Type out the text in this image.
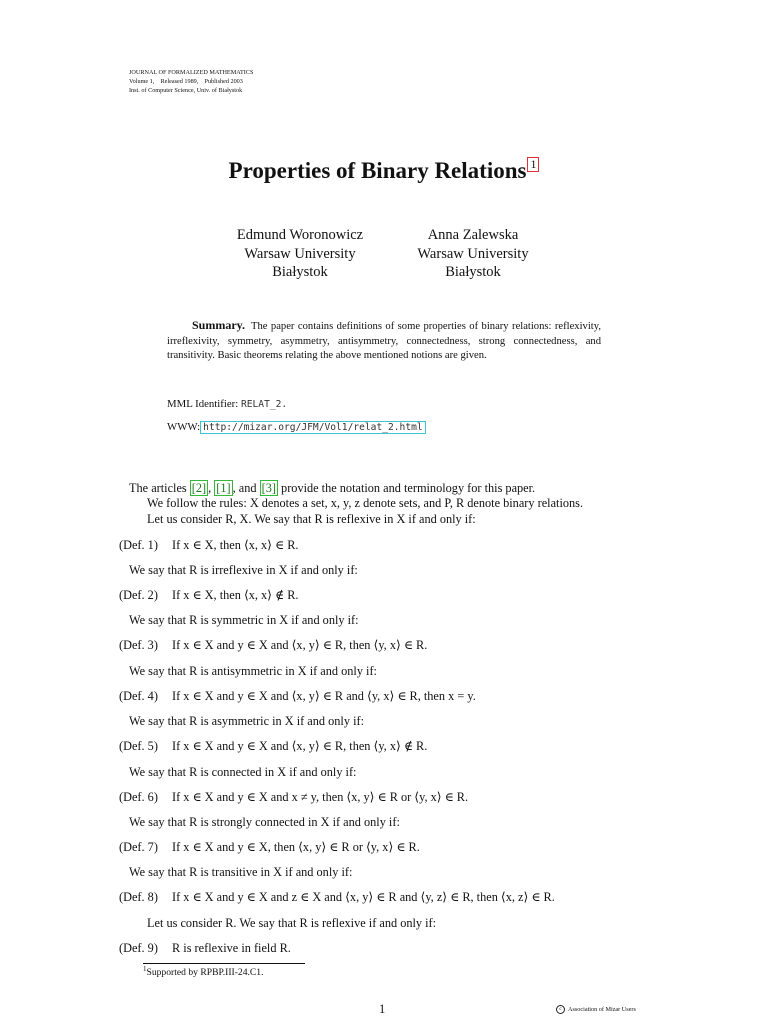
JOURNAL OF FORMALIZED MATHEMATICS
Volume 1, Released 1989, Published 2003
Inst. of Computer Science, Univ. of Białystok
Properties of Binary Relations 1
Edmund Woronowicz
Warsaw University
Białystok
Anna Zalewska
Warsaw University
Białystok
Summary. The paper contains definitions of some properties of binary relations: reflexivity, irreflexivity, symmetry, asymmetry, antisymmetry, connectedness, strong connectedness, and transitivity. Basic theorems relating the above mentioned notions are given.
MML Identifier: RELAT_2.
WWW: http://mizar.org/JFM/Vol1/relat_2.html
The articles [2] , [1] , and [3] provide the notation and terminology for this paper.
We follow the rules: X denotes a set, x, y, z denote sets, and P, R denote binary relations.
Let us consider R, X. We say that R is reflexive in X if and only if:
(Def. 1) If x ∈ X, then ⟨x, x⟩ ∈ R.
We say that R is irreflexive in X if and only if:
(Def. 2) If x ∈ X, then ⟨x, x⟩ ∉ R.
We say that R is symmetric in X if and only if:
(Def. 3) If x ∈ X and y ∈ X and ⟨x, y⟩ ∈ R, then ⟨y, x⟩ ∈ R.
We say that R is antisymmetric in X if and only if:
(Def. 4) If x ∈ X and y ∈ X and ⟨x, y⟩ ∈ R and ⟨y, x⟩ ∈ R, then x = y.
We say that R is asymmetric in X if and only if:
(Def. 5) If x ∈ X and y ∈ X and ⟨x, y⟩ ∈ R, then ⟨y, x⟩ ∉ R.
We say that R is connected in X if and only if:
(Def. 6) If x ∈ X and y ∈ X and x ≠ y, then ⟨x, y⟩ ∈ R or ⟨y, x⟩ ∈ R.
We say that R is strongly connected in X if and only if:
(Def. 7) If x ∈ X and y ∈ X, then ⟨x, y⟩ ∈ R or ⟨y, x⟩ ∈ R.
We say that R is transitive in X if and only if:
(Def. 8) If x ∈ X and y ∈ X and z ∈ X and ⟨x, y⟩ ∈ R and ⟨y, z⟩ ∈ R, then ⟨x, z⟩ ∈ R.
Let us consider R. We say that R is reflexive if and only if:
(Def. 9) R is reflexive in field R.
$^1$Supported by RPBP.III-24.C1.
1	c Association of Mizar Users
